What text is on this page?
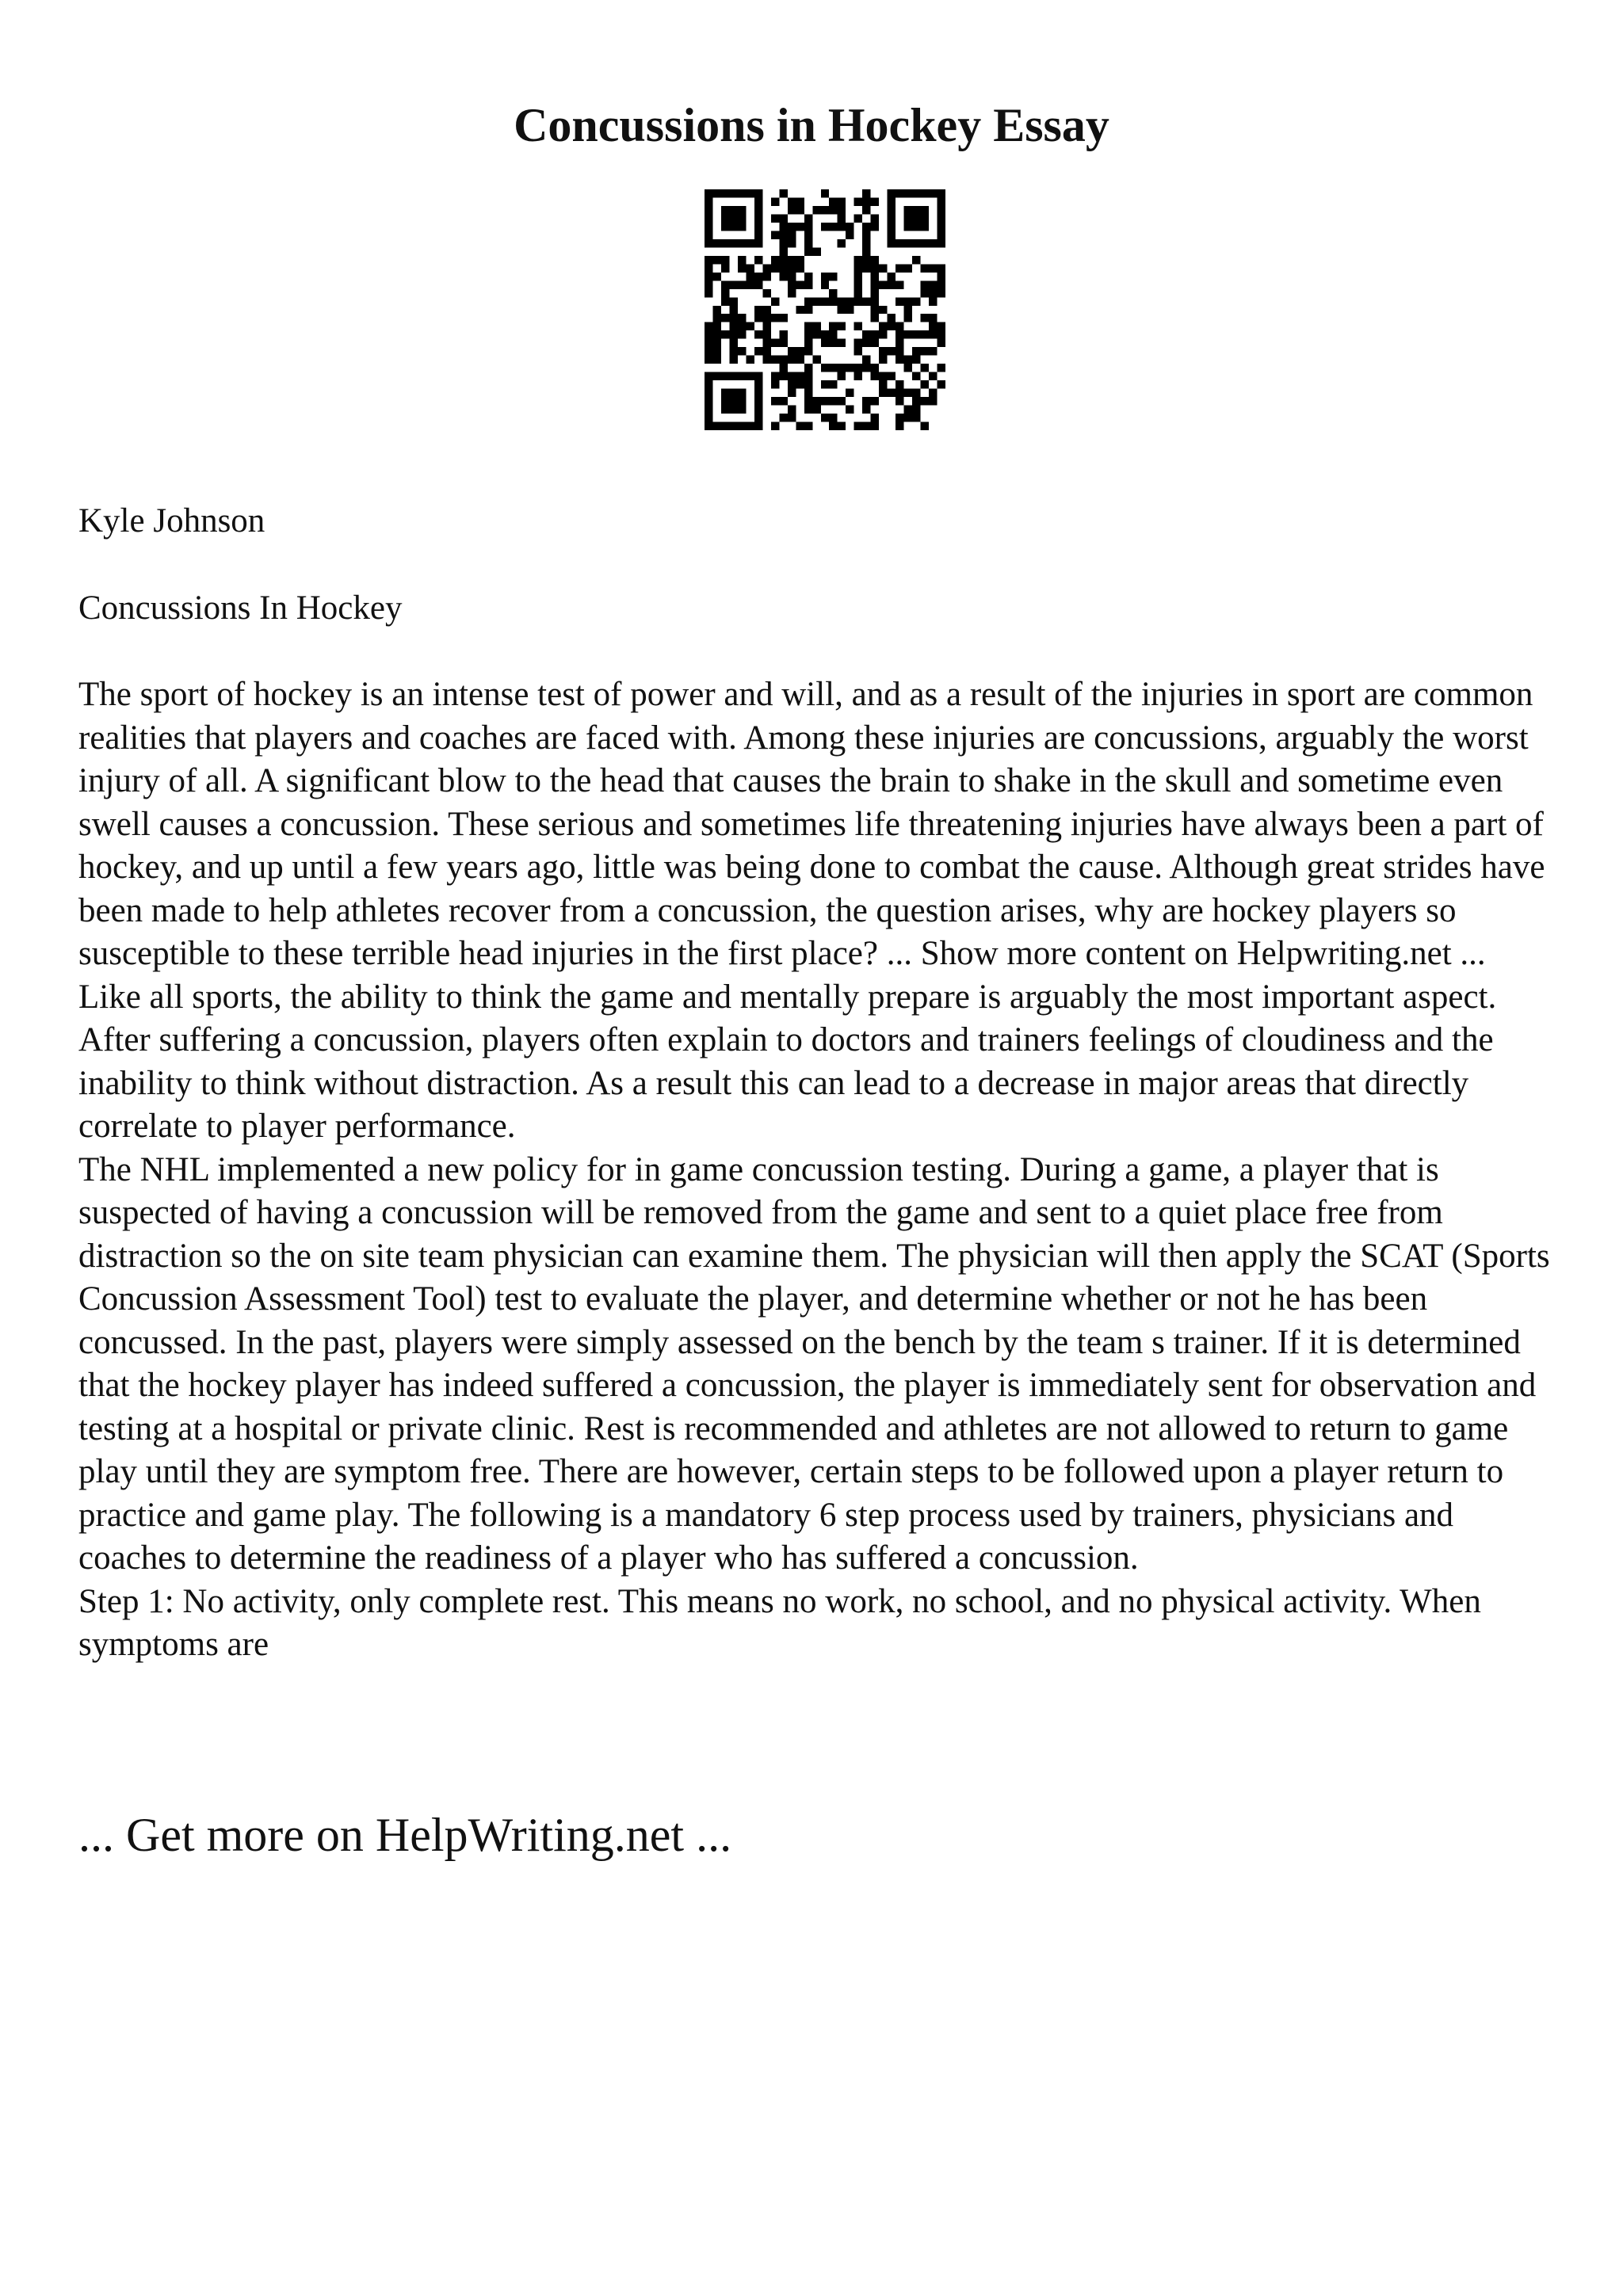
Concussions in Hockey Essay

Kyle Johnson

Concussions In Hockey

The sport of hockey is an intense test of power and will, and as a result of the injuries in sport are common realities that players and coaches are faced with. Among these injuries are concussions, arguably the worst injury of all. A significant blow to the head that causes the brain to shake in the skull and sometime even swell causes a concussion. These serious and sometimes life threatening injuries have always been a part of hockey, and up until a few years ago, little was being done to combat the cause. Although great strides have been made to help athletes recover from a concussion, the question arises, why are hockey players so susceptible to these terrible head injuries in the first place? ... Show more content on Helpwriting.net ...

Like all sports, the ability to think the game and mentally prepare is arguably the most important aspect. After suffering a concussion, players often explain to doctors and trainers feelings of cloudiness and the inability to think without distraction. As a result this can lead to a decrease in major areas that directly correlate to player performance.

The NHL implemented a new policy for in game concussion testing. During a game, a player that is suspected of having a concussion will be removed from the game and sent to a quiet place free from distraction so the on site team physician can examine them. The physician will then apply the SCAT (Sports Concussion Assessment Tool) test to evaluate the player, and determine whether or not he has been concussed. In the past, players were simply assessed on the bench by the team s trainer. If it is determined that the hockey player has indeed suffered a concussion, the player is immediately sent for observation and testing at a hospital or private clinic. Rest is recommended and athletes are not allowed to return to game play until they are symptom free. There are however, certain steps to be followed upon a player return to practice and game play. The following is a mandatory 6 step process used by trainers, physicians and coaches to determine the readiness of a player who has suffered a concussion.

Step 1: No activity, only complete rest. This means no work, no school, and no physical activity. When symptoms are

... Get more on HelpWriting.net ...
